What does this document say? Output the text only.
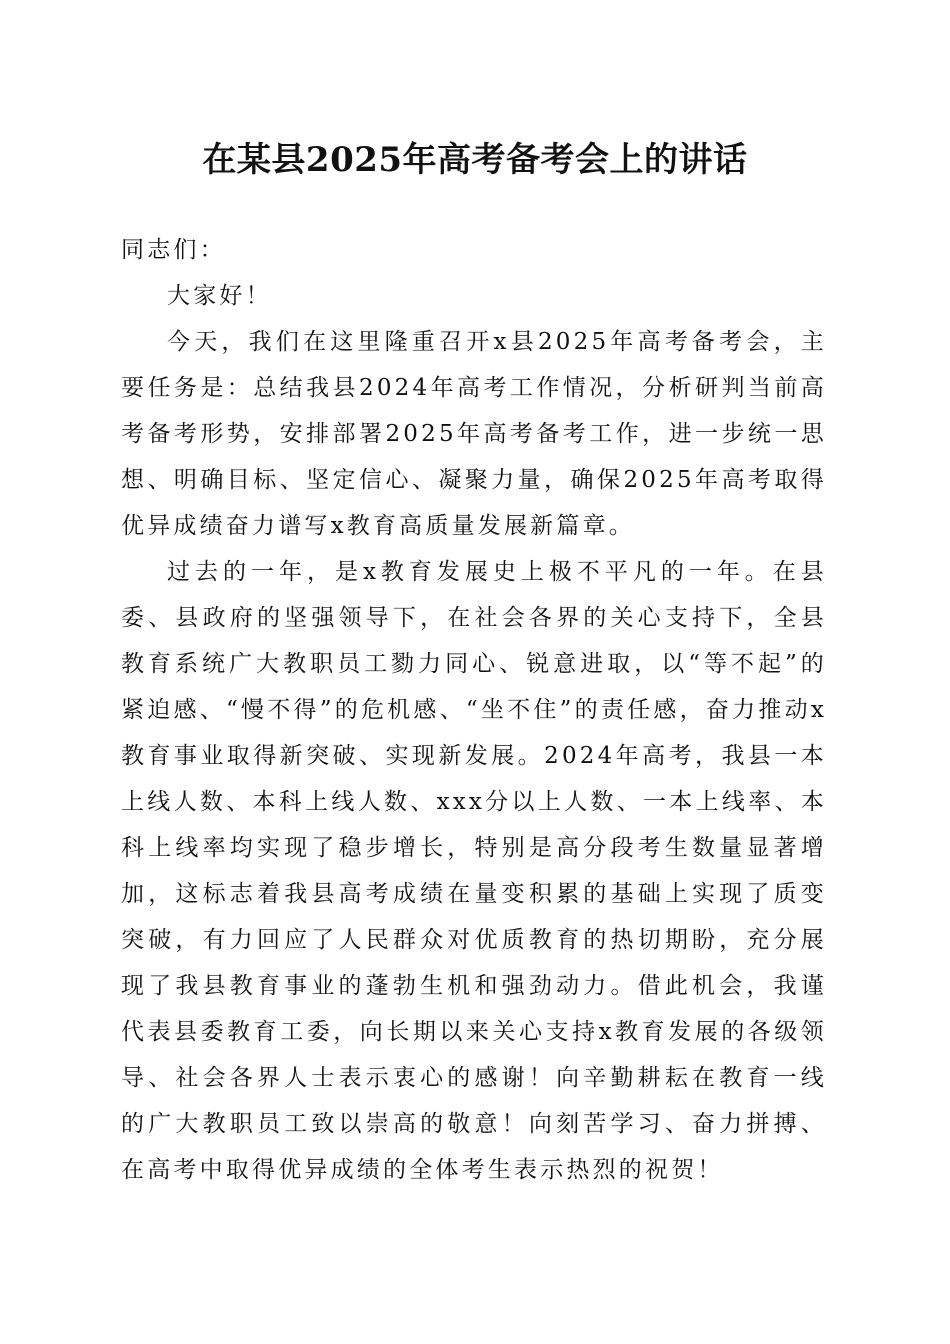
在某县2025年高考备考会上的讲话

同志们：

大家好！

今天，我们在这里隆重召开x县2025年高考备考会，主要任务是：总结我县2024年高考工作情况，分析研判当前高考备考形势，安排部署2025年高考备考工作，进一步统一思想、明确目标、坚定信心、凝聚力量，确保2025年高考取得优异成绩奋力谱写x教育高质量发展新篇章。

过去的一年，是x教育发展史上极不平凡的一年。在县委、县政府的坚强领导下，在社会各界的关心支持下，全县教育系统广大教职员工勠力同心、锐意进取，以“等不起”的紧迫感、“慢不得”的危机感、“坐不住”的责任感，奋力推动x教育事业取得新突破、实现新发展。2024年高考，我县一本上线人数、本科上线人数、xxx分以上人数、一本上线率、本科上线率均实现了稳步增长，特别是高分段考生数量显著增加，这标志着我县高考成绩在量变积累的基础上实现了质变突破，有力回应了人民群众对优质教育的热切期盼，充分展现了我县教育事业的蓬勃生机和强劲动力。借此机会，我谨代表县委教育工委，向长期以来关心支持x教育发展的各级领导、社会各界人士表示衷心的感谢！向辛勤耕耘在教育一线的广大教职员工致以崇高的敬意！向刻苦学习、奋力拼搏、在高考中取得优异成绩的全体考生表示热烈的祝贺！
